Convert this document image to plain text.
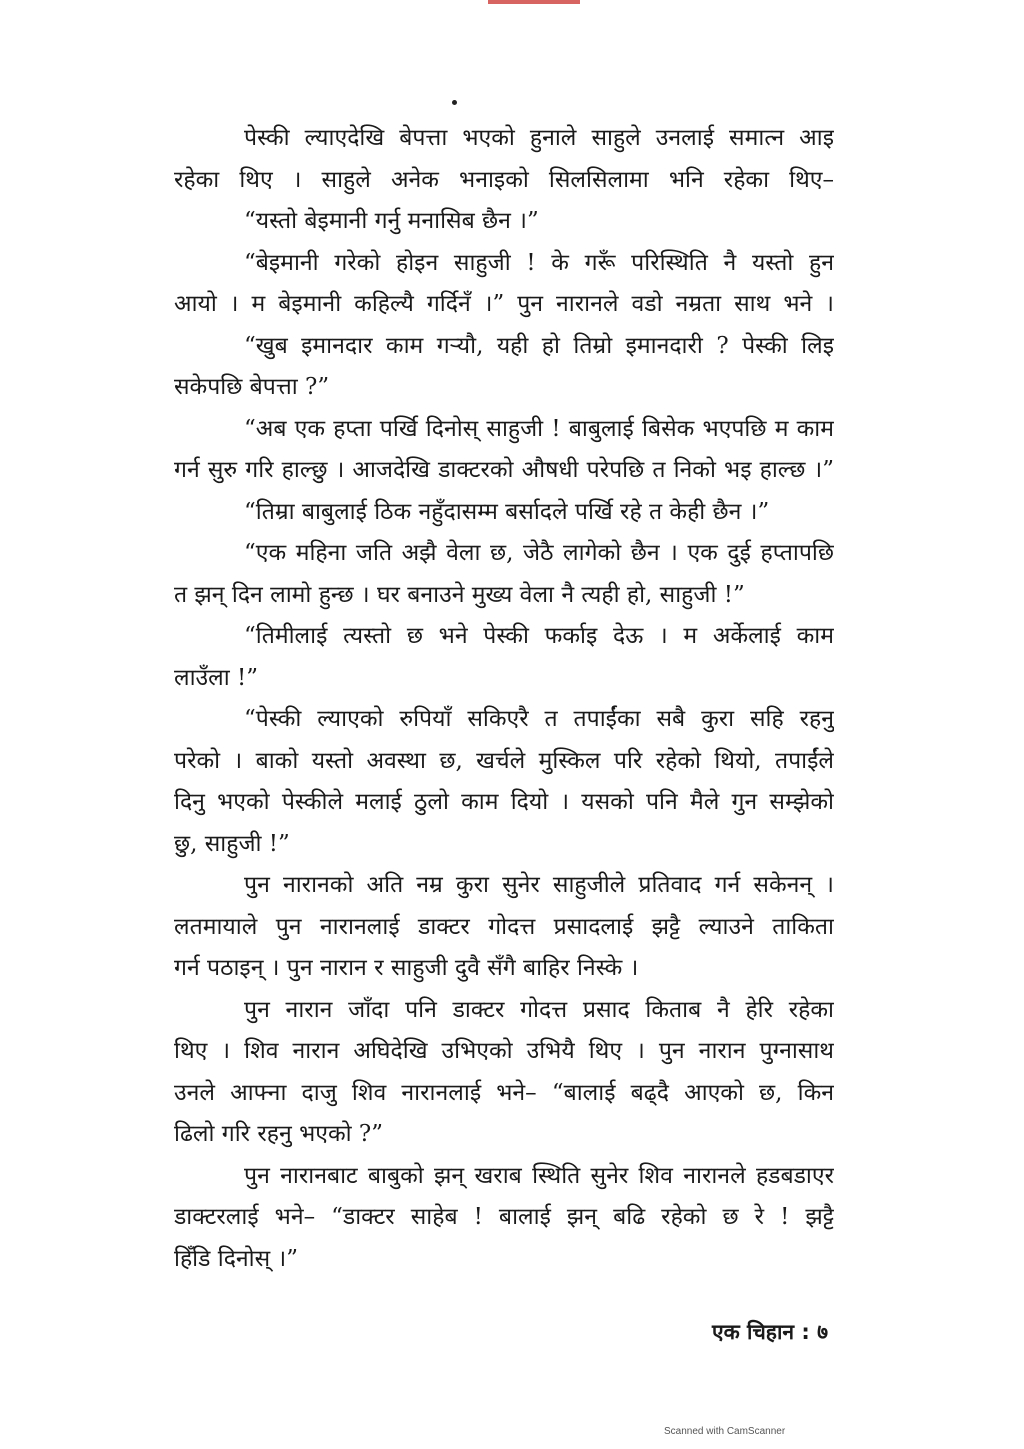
पेस्की ल्याएदेखि बेपत्ता भएको हुनाले साहुले उनलाई समात्न आइ
रहेका थिए । साहुले अनेक भनाइको सिलसिलामा भनि रहेका थिए–
“यस्तो बेइमानी गर्नु मनासिब छैन ।”
“बेइमानी गरेको होइन साहुजी ! के गरूँ परिस्थिति नै यस्तो हुन
आयो । म बेइमानी कहिल्यै गर्दिनँ ।” पुन नारानले वडो नम्रता साथ भने ।
“खुब इमानदार काम गर्‍यौ, यही हो तिम्रो इमानदारी ? पेस्की लिइ
सकेपछि बेपत्ता ?”
“अब एक हप्ता पर्खि दिनोस् साहुजी ! बाबुलाई बिसेक भएपछि म काम
गर्न सुरु गरि हाल्छु । आजदेखि डाक्टरको औषधी परेपछि त निको भइ हाल्छ ।”
“तिम्रा बाबुलाई ठिक नहुँदासम्म बर्सादले पर्खि रहे त केही छैन ।”
“एक महिना जति अझै वेला छ, जेठै लागेको छैन । एक दुई हप्तापछि
त झन् दिन लामो हुन्छ । घर बनाउने मुख्य वेला नै त्यही हो, साहुजी !”
“तिमीलाई त्यस्तो छ भने पेस्की फर्काइ देऊ । म अर्केलाई काम
लाउँला !”
“पेस्की ल्याएको रुपियाँ सकिएरै त तपाईंका सबै कुरा सहि रहनु
परेको । बाको यस्तो अवस्था छ, खर्चले मुस्किल परि रहेको थियो, तपाईंले
दिनु भएको पेस्कीले मलाई ठुलो काम दियो । यसको पनि मैले गुन सम्झेको
छु, साहुजी !”
पुन नारानको अति नम्र कुरा सुनेर साहुजीले प्रतिवाद गर्न सकेनन् ।
लतमायाले पुन नारानलाई डाक्टर गोदत्त प्रसादलाई झट्टै ल्याउने ताकिता
गर्न पठाइन् । पुन नारान र साहुजी दुवै सँगै बाहिर निस्के ।
पुन नारान जाँदा पनि डाक्टर गोदत्त प्रसाद किताब नै हेरि रहेका
थिए । शिव नारान अघिदेखि उभिएको उभियै थिए । पुन नारान पुग्नासाथ
उनले आफ्ना दाजु शिव नारानलाई भने– “बालाई बढ्दै आएको छ, किन
ढिलो गरि रहनु भएको ?”
पुन नारानबाट बाबुको झन् खराब स्थिति सुनेर शिव नारानले हडबडाएर
डाक्टरलाई भने– “डाक्टर साहेब ! बालाई झन् बढि रहेको छ रे ! झट्टै
हिँडि दिनोस् ।”
एक चिहान : ७
Scanned with CamScanner
